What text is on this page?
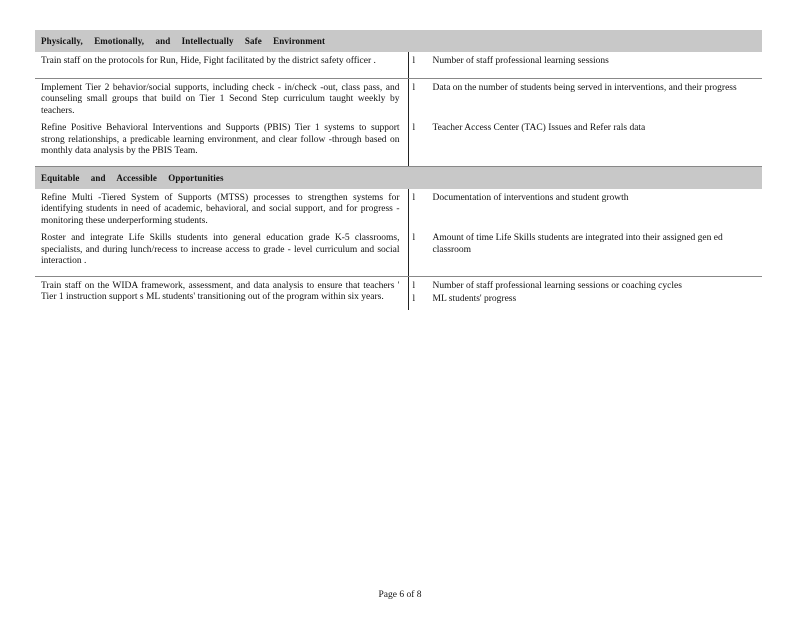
Physically, Emotionally, and Intellectually Safe Environment	
Train staff on the protocols for Run, Hide, Fight facilitated by the district safety officer .	l Number of staff professional learning sessions

Implement Tier 2 behavior/social supports, including check - in/check -out, class pass, and counseling small groups that build on Tier 1 Second Step curriculum taught weekly by teachers.	l Data on the number of students being served in interventions, and their progress

Refine Positive Behavioral Interventions and Supports (PBIS) Tier 1 systems to support strong relationships, a predicable learning environment, and clear follow -through based on monthly data analysis by the PBIS Team.	l Teacher Access Center (TAC) Issues and Refer rals data

Equitable and Accessible Opportunities	
Refine Multi -Tiered System of Supports (MTSS) processes to strengthen systems for identifying students in need of academic, behavioral, and social support, and for progress -monitoring these underperforming students.	l Documentation of interventions and student growth

Roster and integrate Life Skills students into general education grade K-5 classrooms, specialists, and during lunch/recess to increase access to grade - level curriculum and social interaction .	l Amount of time Life Skills students are integrated into their assigned gen ed classroom

Train staff on the WIDA framework, assessment, and data analysis to ensure that teachers ' Tier 1 instruction support s ML students' transitioning out of the program within six years.	l Number of staff professional learning sessions or coaching cycles
l ML students' progress
Page 6 of 8
